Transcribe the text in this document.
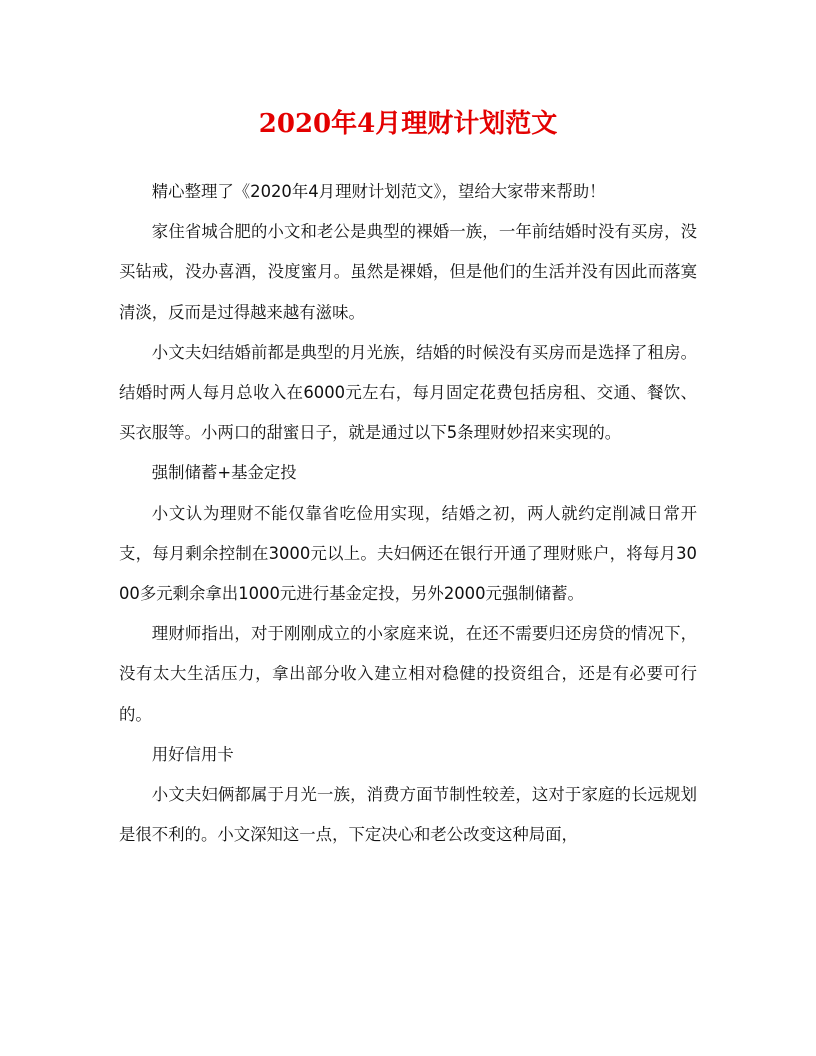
2020年4月理财计划范文

精心整理了《2020年4月理财计划范文》，望给大家带来帮助！

家住省城合肥的小文和老公是典型的裸婚一族，一年前结婚时没有买房，没买钻戒，没办喜酒，没度蜜月。虽然是裸婚，但是他们的生活并没有因此而落寞清淡，反而是过得越来越有滋味。

小文夫妇结婚前都是典型的月光族，结婚的时候没有买房而是选择了租房。结婚时两人每月总收入在6000元左右，每月固定花费包括房租、交通、餐饮、买衣服等。小两口的甜蜜日子，就是通过以下5条理财妙招来实现的。

强制储蓄+基金定投

小文认为理财不能仅靠省吃俭用实现，结婚之初，两人就约定削减日常开支，每月剩余控制在3000元以上。夫妇俩还在银行开通了理财账户，将每月3000多元剩余拿出1000元进行基金定投，另外2000元强制储蓄。

理财师指出，对于刚刚成立的小家庭来说，在还不需要归还房贷的情况下，没有太大生活压力，拿出部分收入建立相对稳健的投资组合，还是有必要可行的。

用好信用卡

小文夫妇俩都属于月光一族，消费方面节制性较差，这对于家庭的长远规划是很不利的。小文深知这一点，下定决心和老公改变这种局面，
